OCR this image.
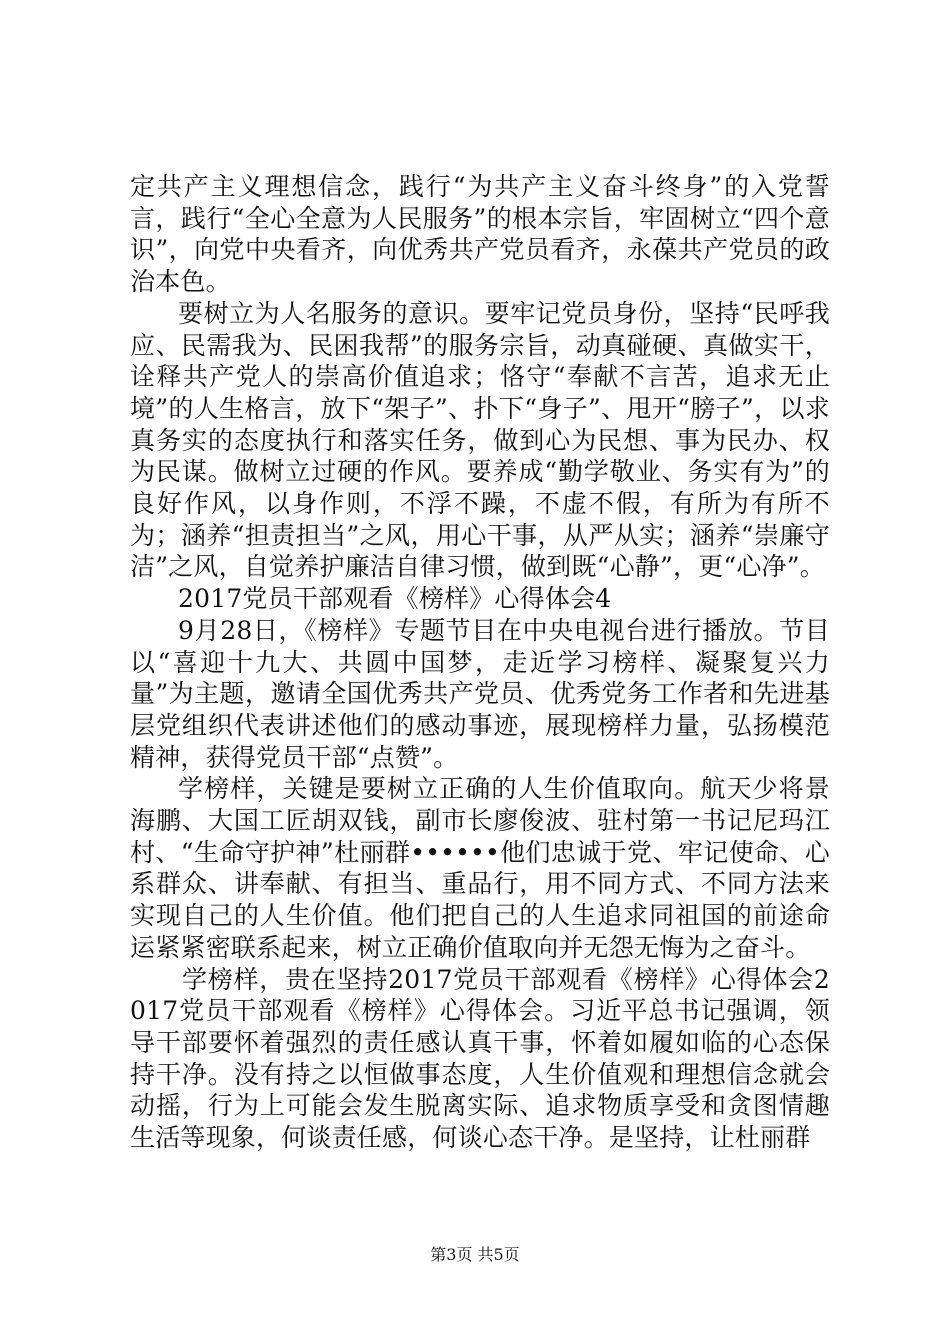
定共产主义理想信念，践行“为共产主义奋斗终身”的入党誓言，践行“全心全意为人民服务”的根本宗旨，牢固树立“四个意识”，向党中央看齐，向优秀共产党员看齐，永葆共产党员的政治本色。

要树立为人名服务的意识。要牢记党员身份，坚持“民呼我应、民需我为、民困我帮”的服务宗旨，动真碰硬、真做实干，诠释共产党人的崇高价值追求；恪守“奉献不言苦，追求无止境”的人生格言，放下“架子”、扑下“身子”、甩开“膀子”，以求真务实的态度执行和落实任务，做到心为民想、事为民办、权为民谋。做树立过硬的作风。要养成“勤学敬业、务实有为”的良好作风，以身作则，不浮不躁，不虚不假，有所为有所不为；涵养“担责担当”之风，用心干事，从严从实；涵养“崇廉守洁”之风，自觉养护廉洁自律习惯，做到既“心静”，更“心净”。

2017党员干部观看《榜样》心得体会4

9月28日，《榜样》专题节目在中央电视台进行播放。节目以“喜迎十九大、共圆中国梦，走近学习榜样、凝聚复兴力量”为主题，邀请全国优秀共产党员、优秀党务工作者和先进基层党组织代表讲述他们的感动事迹，展现榜样力量，弘扬模范精神，获得党员干部“点赞”。

学榜样，关键是要树立正确的人生价值取向。航天少将景海鹏、大国工匠胡双钱，副市长廖俊波、驻村第一书记尼玛江村、“生命守护神”杜丽群••••••他们忠诚于党、牢记使命、心系群众、讲奉献、有担当、重品行，用不同方式、不同方法来实现自己的人生价值。他们把自己的人生追求同祖国的前途命运紧紧密联系起来，树立正确价值取向并无怨无悔为之奋斗。

学榜样，贵在坚持2017党员干部观看《榜样》心得体会2017党员干部观看《榜样》心得体会。习近平总书记强调，领导干部要怀着强烈的责任感认真干事，怀着如履如临的心态保持干净。没有持之以恒做事态度，人生价值观和理想信念就会动摇，行为上可能会发生脱离实际、追求物质享受和贪图情趣生活等现象，何谈责任感，何谈心态干净。是坚持，让杜丽群

第3页 共5页
